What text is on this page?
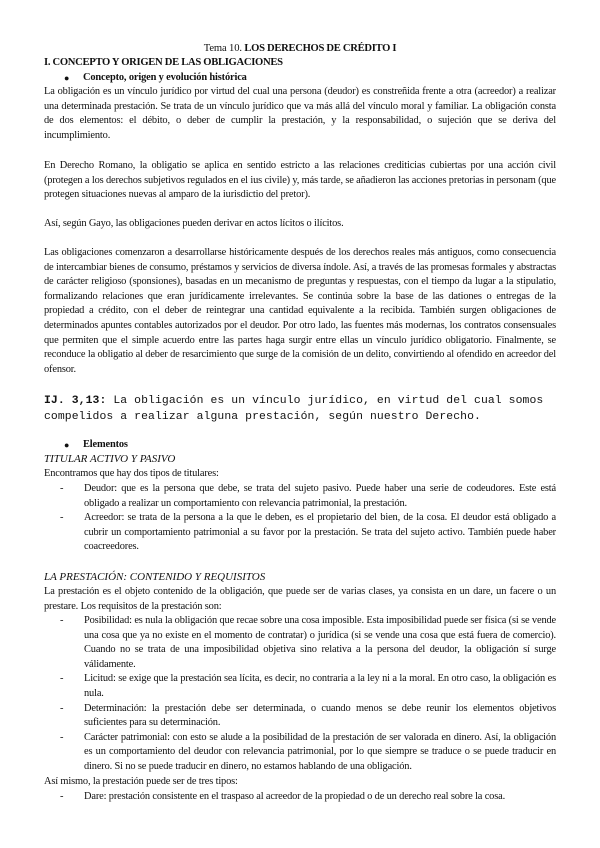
Tema 10. LOS DERECHOS DE CRÉDITO I
I. CONCEPTO Y ORIGEN DE LAS OBLIGACIONES
● Concepto, origen y evolución histórica

La obligación es un vínculo jurídico por virtud del cual una persona (deudor) es constreñida frente a otra (acreedor) a realizar una determinada prestación. Se trata de un vínculo jurídico que va más allá del vínculo moral y familiar. La obligación consta de dos elementos: el débito, o deber de cumplir la prestación, y la responsabilidad, o sujeción que se deriva del incumplimiento.

En Derecho Romano, la obligatio se aplica en sentido estricto a las relaciones crediticias cubiertas por una acción civil (protegen a los derechos subjetivos regulados en el ius civile) y, más tarde, se añadieron las acciones pretorias in personam (que protegen situaciones nuevas al amparo de la iurisdictio del pretor).

Así, según Gayo, las obligaciones pueden derivar en actos lícitos o ilícitos.

Las obligaciones comenzaron a desarrollarse históricamente después de los derechos reales más antiguos, como consecuencia de intercambiar bienes de consumo, préstamos y servicios de diversa índole. Así, a través de las promesas formales y abstractas de carácter religioso (sponsiones), basadas en un mecanismo de preguntas y respuestas, con el tiempo da lugar a la stipulatio, formalizando relaciones que eran jurídicamente irrelevantes. Se continúa sobre la base de las dationes o entregas de la propiedad a crédito, con el deber de reintegrar una cantidad equivalente a la recibida. También surgen obligaciones de determinados apuntes contables autorizados por el deudor. Por otro lado, las fuentes más modernas, los contratos consensuales que permiten que el simple acuerdo entre las partes haga surgir entre ellas un vínculo jurídico obligatorio. Finalmente, se reconduce la obligatio al deber de resarcimiento que surge de la comisión de un delito, convirtiendo al ofendido en acreedor del ofensor.

IJ. 3,13: La obligación es un vínculo jurídico, en virtud del cual somos compelidos a realizar alguna prestación, según nuestro Derecho.

● Elementos
TITULAR ACTIVO Y PASIVO

Encontramos que hay dos tipos de titulares:

- Deudor: que es la persona que debe, se trata del sujeto pasivo. Puede haber una serie de codeudores. Este está obligado a realizar un comportamiento con relevancia patrimonial, la prestación.
- Acreedor: se trata de la persona a la que le deben, es el propietario del bien, de la cosa. El deudor está obligado a cubrir un comportamiento patrimonial a su favor por la prestación. Se trata del sujeto activo. También puede haber coacreedores.
LA PRESTACIÓN: CONTENIDO Y REQUISITOS

La prestación es el objeto contenido de la obligación, que puede ser de varias clases, ya consista en un dare, un facere o un prestare. Los requisitos de la prestación son:

- Posibilidad: es nula la obligación que recae sobre una cosa imposible. Esta imposibilidad puede ser física (si se vende una cosa que ya no existe en el momento de contratar) o jurídica (si se vende una cosa que está fuera de comercio). Cuando no se trata de una imposibilidad objetiva sino relativa a la persona del deudor, la obligación sí surge válidamente.
- Licitud: se exige que la prestación sea lícita, es decir, no contraria a la ley ni a la moral. En otro caso, la obligación es nula.
- Determinación: la prestación debe ser determinada, o cuando menos se debe reunir los elementos objetivos suficientes para su determinación.
- Carácter patrimonial: con esto se alude a la posibilidad de la prestación de ser valorada en dinero. Así, la obligación es un comportamiento del deudor con relevancia patrimonial, por lo que siempre se traduce o se puede traducir en dinero. Si no se puede traducir en dinero, no estamos hablando de una obligación.

Así mismo, la prestación puede ser de tres tipos:

- Dare: prestación consistente en el traspaso al acreedor de la propiedad o de un derecho real sobre la cosa.
